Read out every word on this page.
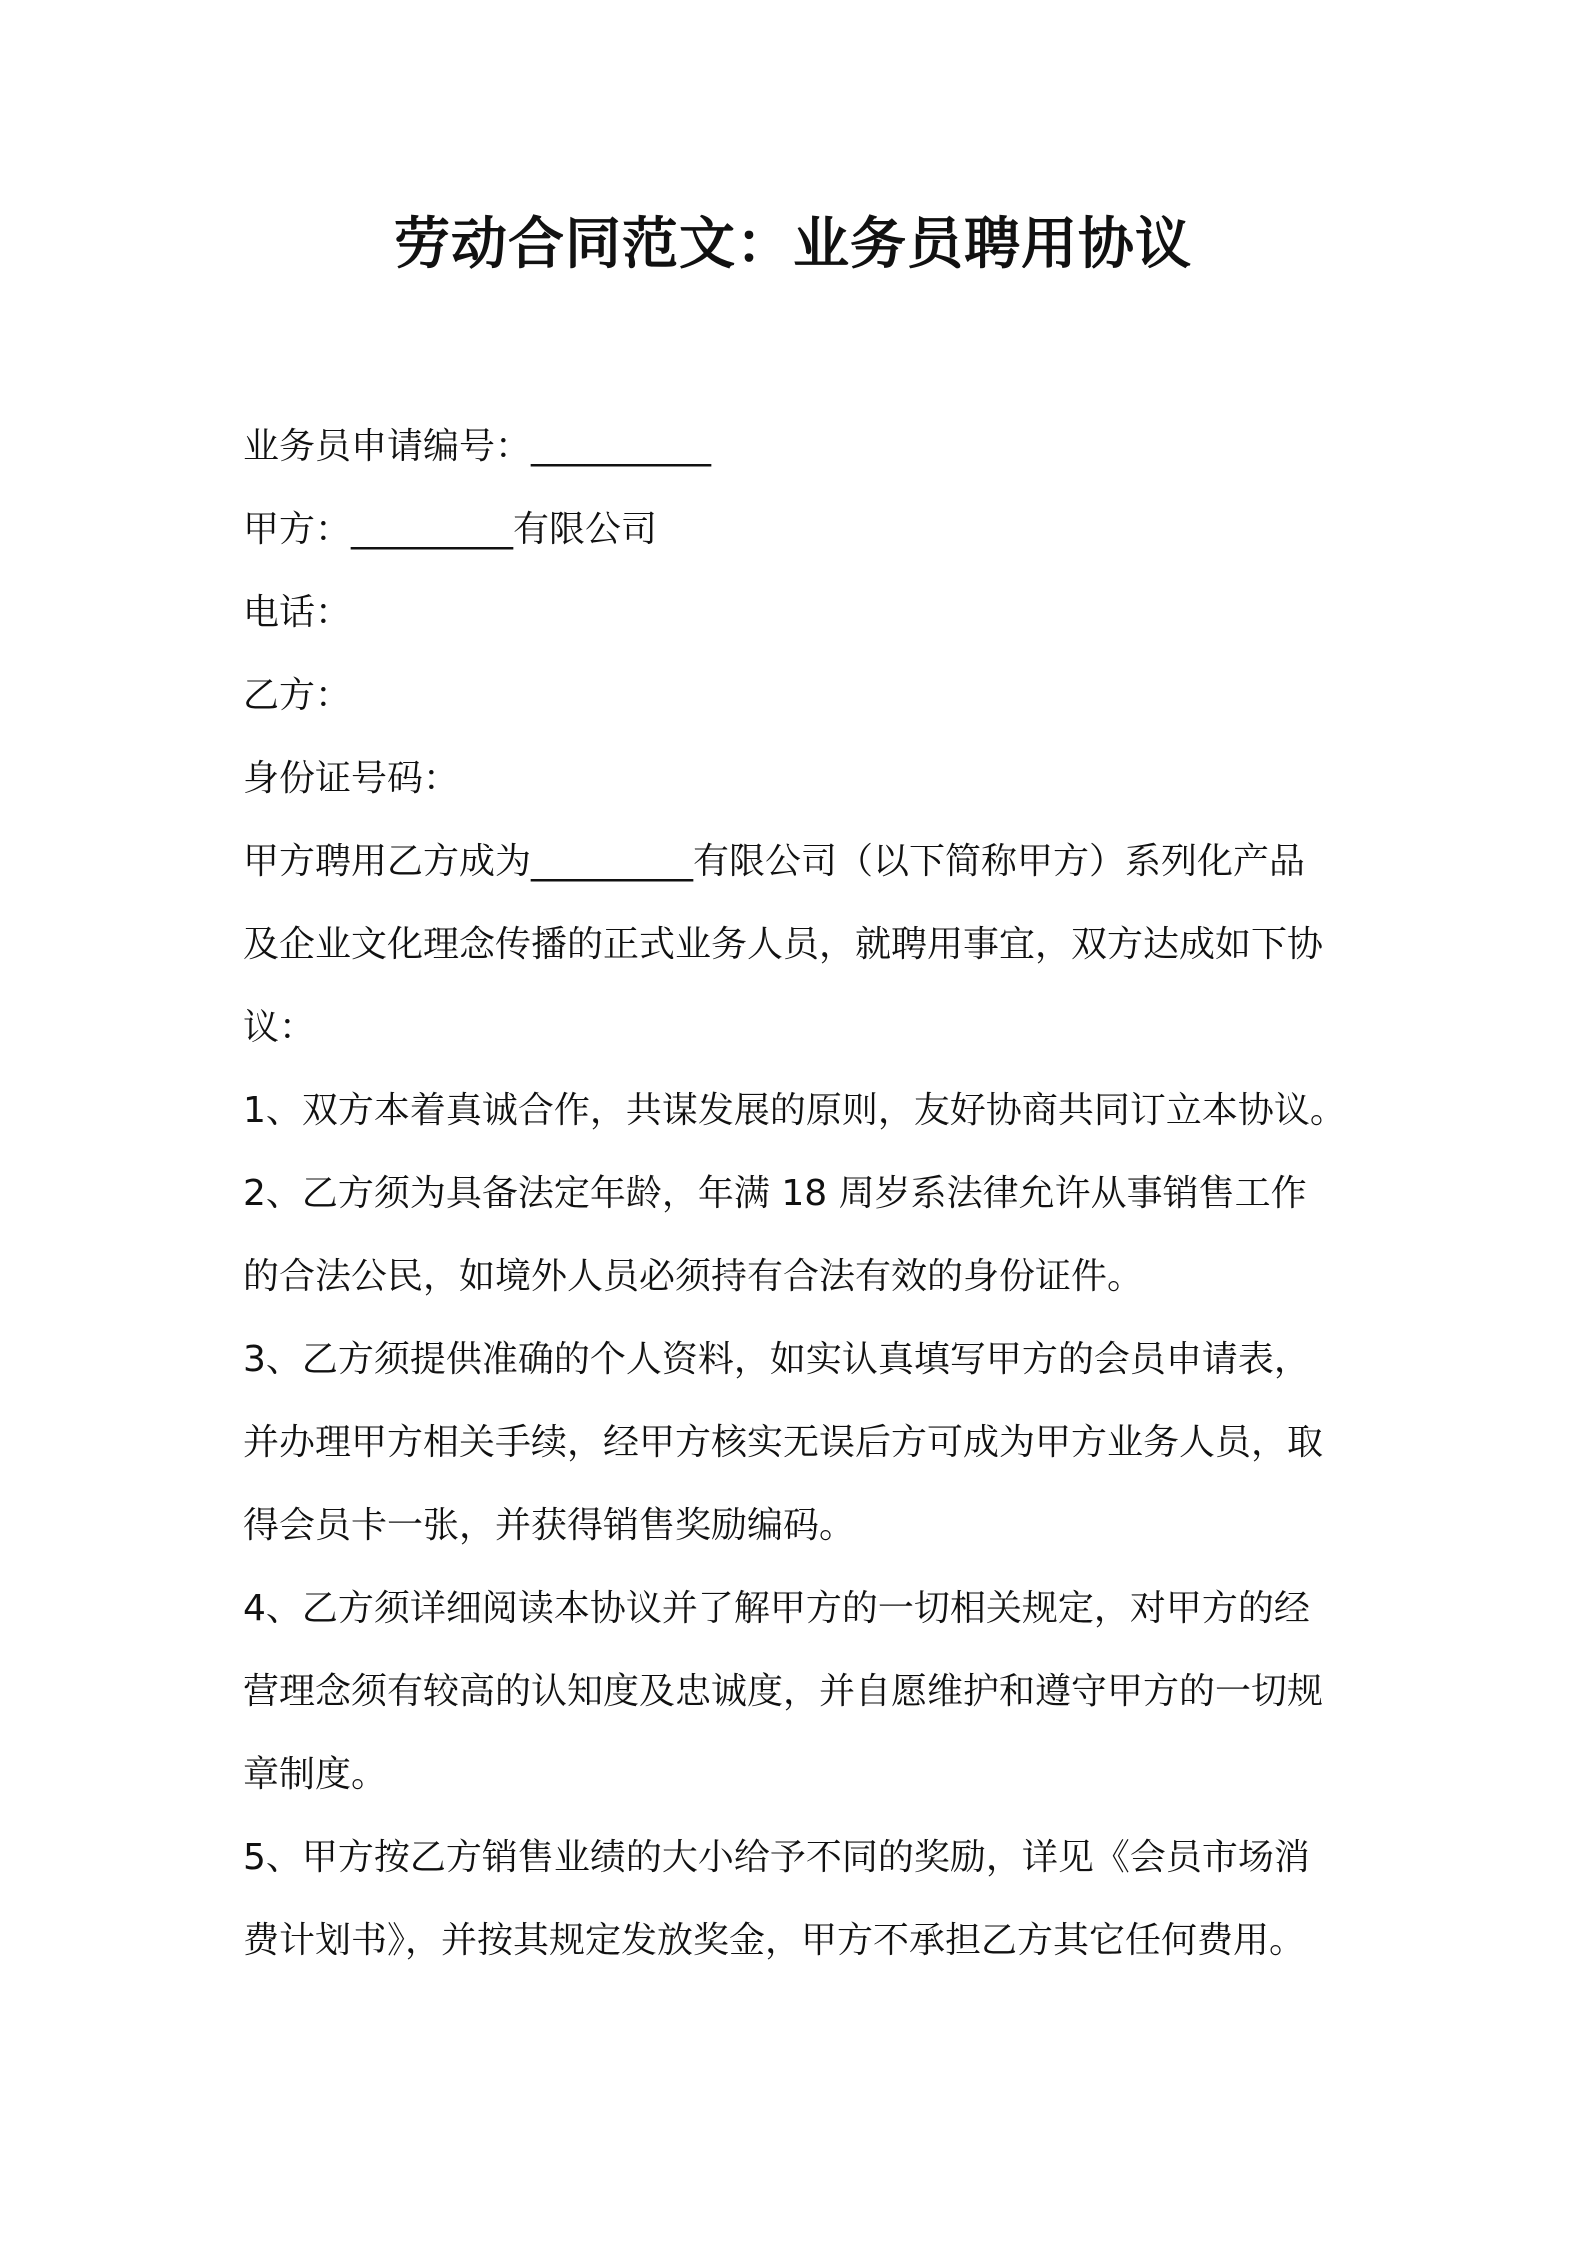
劳动合同范文：业务员聘用协议
业务员申请编号：__________
甲方：_________有限公司
电话：
乙方：
身份证号码：
甲方聘用乙方成为_________有限公司（以下简称甲方）系列化产品
及企业文化理念传播的正式业务人员，就聘用事宜，双方达成如下协
议：
1、双方本着真诚合作，共谋发展的原则，友好协商共同订立本协议。
2、乙方须为具备法定年龄，年满 18 周岁系法律允许从事销售工作
的合法公民，如境外人员必须持有合法有效的身份证件。
3、乙方须提供准确的个人资料，如实认真填写甲方的会员申请表，
并办理甲方相关手续，经甲方核实无误后方可成为甲方业务人员，取
得会员卡一张，并获得销售奖励编码。
4、乙方须详细阅读本协议并了解甲方的一切相关规定，对甲方的经
营理念须有较高的认知度及忠诚度，并自愿维护和遵守甲方的一切规
章制度。
5、甲方按乙方销售业绩的大小给予不同的奖励，详见《会员市场消
费计划书》，并按其规定发放奖金，甲方不承担乙方其它任何费用。
